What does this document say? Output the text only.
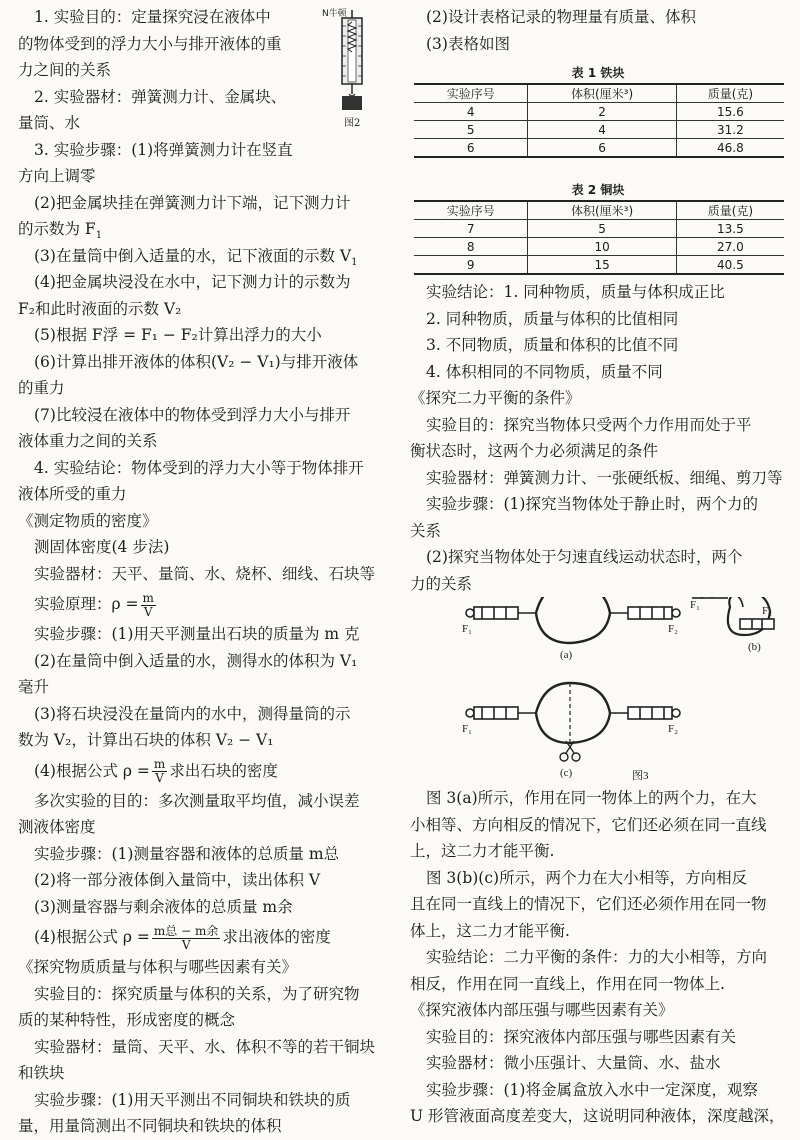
1. 实验目的：定量探究浸在液体中
的物体受到的浮力大小与排开液体的重
力之间的关系
2. 实验器材：弹簧测力计、金属块、
量筒、水
3. 实验步骤：(1)将弹簧测力计在竖直
方向上调零
(2)把金属块挂在弹簧测力计下端，记下测力计
的示数为 $F_1$
(3)在量筒中倒入适量的水，记下液面的示数 $V_1$
(4)把金属块浸没在水中，记下测力计的示数为
F₂和此时液面的示数 V₂
(5)根据 F浮 = F₁ − F₂计算出浮力的大小
(6)计算出排开液体的体积(V₂ − V₁)与排开液体
的重力
(7)比较浸在液体中的物体受到浮力大小与排开
液体重力之间的关系
4. 实验结论：物体受到的浮力大小等于物体排开
液体所受的重力
《测定物质的密度》
测固体密度(4 步法)
实验器材：天平、量筒、水、烧杯、细线、石块等
实验原理：$\rho = \frac{m}{V}$
实验步骤：(1)用天平测量出石块的质量为 m 克
(2)在量筒中倒入适量的水，测得水的体积为 V₁
毫升
(3)将石块浸没在量筒内的水中，测得量筒的示
数为 V₂，计算出石块的体积 V₂ − V₁
(4)根据公式 $\rho = \frac{m}{V}$ 求出石块的密度
多次实验的目的：多次测量取平均值，减小误差
测液体密度
实验步骤：(1)测量容器和液体的总质量 m总
(2)将一部分液体倒入量筒中，读出体积 V
(3)测量容器与剩余液体的总质量 m余
(4)根据公式 $\rho = \frac{\text{m总 − m余}}{V}$ 求出液体的密度
《探究物质质量与体积与哪些因素有关》
实验目的：探究质量与体积的关系，为了研究物
质的某种特性，形成密度的概念
实验器材：量筒、天平、水、体积不等的若干铜块
和铁块
实验步骤：(1)用天平测出不同铜块和铁块的质
量，用量筒测出不同铜块和铁块的体积
N牛顿
图2
(2)设计表格记录的物理量有质量、体积
(3)表格如图
表 1 铁块
实验序号	体积(厘米³)	质量(克)
4	2	15.6
5	4	31.2
6	6	46.8
表 2 铜块
实验序号	体积(厘米³)	质量(克)
7	5	13.5
8	10	27.0
9	15	40.5
实验结论：1. 同种物质，质量与体积成正比
2. 同种物质，质量与体积的比值相同
3. 不同物质，质量和体积的比值不同
4. 体积相同的不同物质，质量不同
《探究二力平衡的条件》
实验目的：探究当物体只受两个力作用而处于平
衡状态时，这两个力必须满足的条件
实验器材：弹簧测力计、一张硬纸板、细绳、剪刀等
实验步骤：(1)探究当物体处于静止时，两个力的
关系
(2)探究当物体处于匀速直线运动状态时，两个
力的关系
F₁	F₂
(a)
F₁	F₂
(b)
F₁	F₂
(c)	图3
图 3(a)所示，作用在同一物体上的两个力，在大
小相等、方向相反的情况下，它们还必须在同一直线
上，这二力才能平衡.
图 3(b)(c)所示，两个力在大小相等，方向相反
且在同一直线上的情况下，它们还必须作用在同一物
体上，这二力才能平衡.
实验结论：二力平衡的条件：力的大小相等，方向
相反，作用在同一直线上，作用在同一物体上.
《探究液体内部压强与哪些因素有关》
实验目的：探究液体内部压强与哪些因素有关
实验器材：微小压强计、大量筒、水、盐水
实验步骤：(1)将金属盒放入水中一定深度，观察
U 形管液面高度差变大，这说明同种液体，深度越深，
